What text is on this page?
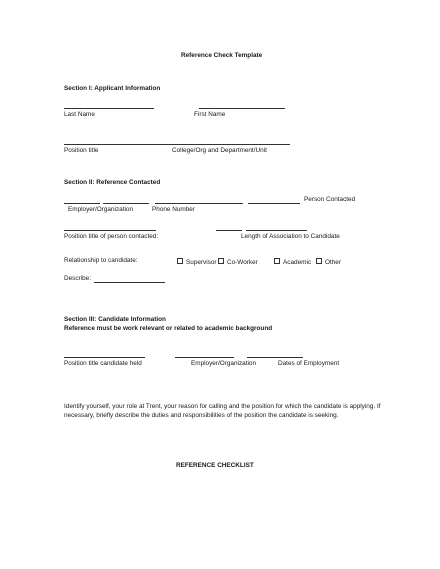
Reference Check Template
Section I: Applicant Information
Last Name	First Name
Position title	College/Org and Department/Unit
Section II: Reference Contacted
Person Contacted
Employer/Organization	Phone Number
Position title of person contacted:	Length of Association to Candidate
Relationship to candidate:	Supervisor	Co-Worker	Academic	Other
Describe:
Section III: Candidate Information
Reference must be work relevant or related to academic background
Position title candidate held	Employer/Organization	Dates of Employment
Identify yourself, your role at Trent, your reason for calling and the position for which the candidate is applying. If necessary, briefly describe the duties and responsibilities of the position the candidate is seeking.
REFERENCE CHECKLIST
